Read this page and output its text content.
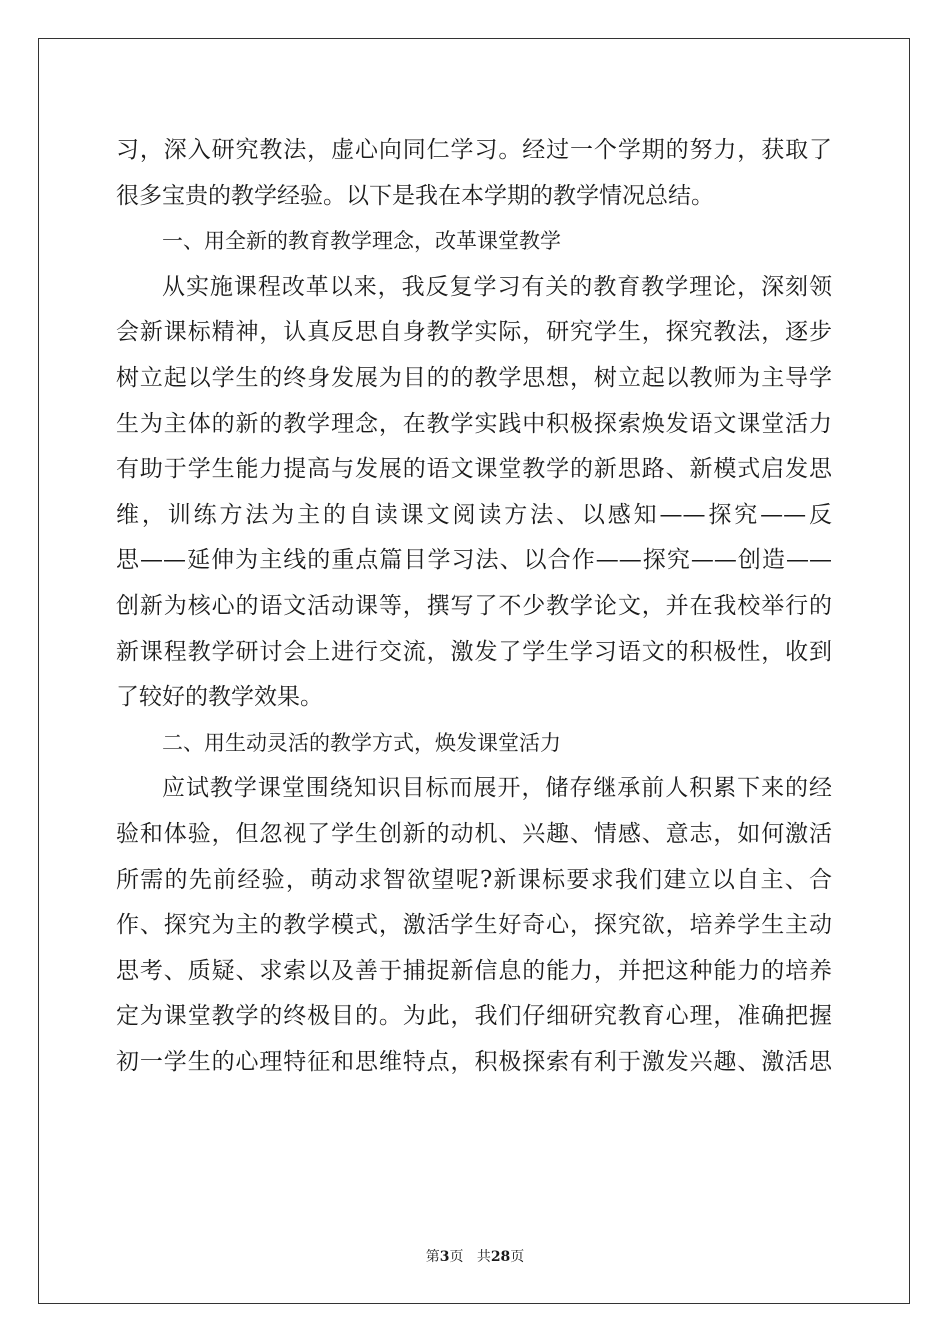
习，深入研究教法，虚心向同仁学习。经过一个学期的努力，获取了
很多宝贵的教学经验。以下是我在本学期的教学情况总结。
一、用全新的教育教学理念，改革课堂教学
从实施课程改革以来，我反复学习有关的教育教学理论，深刻领
会新课标精神，认真反思自身教学实际，研究学生，探究教法，逐步
树立起以学生的终身发展为目的的教学思想，树立起以教师为主导学
生为主体的新的教学理念，在教学实践中积极探索焕发语文课堂活力
有助于学生能力提高与发展的语文课堂教学的新思路、新模式启发思
维，训练方法为主的自读课文阅读方法、以感知——探究——反
思——延伸为主线的重点篇目学习法、以合作——探究——创造——
创新为核心的语文活动课等，撰写了不少教学论文，并在我校举行的
新课程教学研讨会上进行交流，激发了学生学习语文的积极性，收到
了较好的教学效果。
二、用生动灵活的教学方式，焕发课堂活力
应试教学课堂围绕知识目标而展开，储存继承前人积累下来的经
验和体验，但忽视了学生创新的动机、兴趣、情感、意志，如何激活
所需的先前经验，萌动求智欲望呢?新课标要求我们建立以自主、合
作、探究为主的教学模式，激活学生好奇心，探究欲，培养学生主动
思考、质疑、求索以及善于捕捉新信息的能力，并把这种能力的培养
定为课堂教学的终极目的。为此，我们仔细研究教育心理，准确把握
初一学生的心理特征和思维特点，积极探索有利于激发兴趣、激活思
第3页 共28页
